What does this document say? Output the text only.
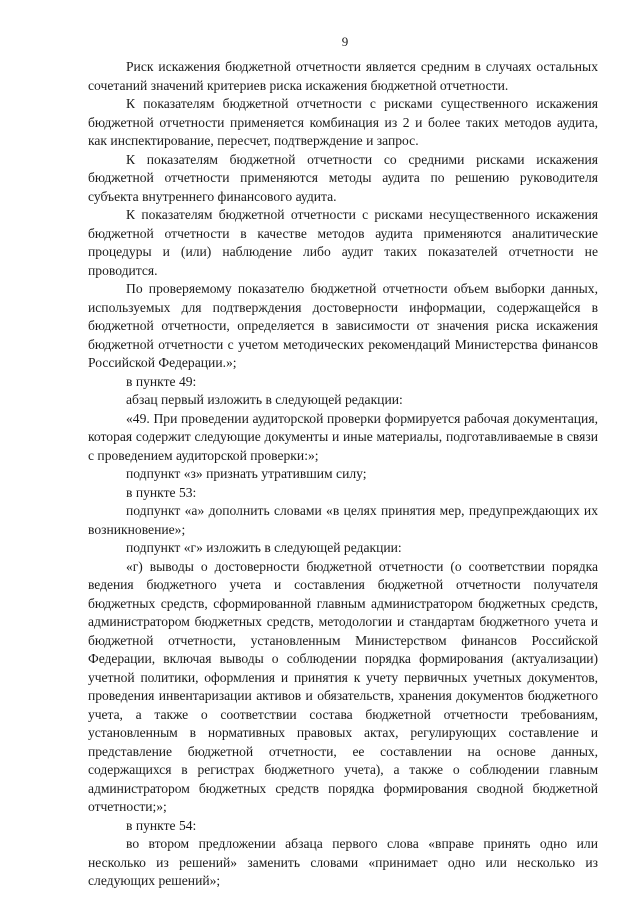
9

Риск искажения бюджетной отчетности является средним в случаях остальных сочетаний значений критериев риска искажения бюджетной отчетности.

К показателям бюджетной отчетности с рисками существенного искажения бюджетной отчетности применяется комбинация из 2 и более таких методов аудита, как инспектирование, пересчет, подтверждение и запрос.

К показателям бюджетной отчетности со средними рисками искажения бюджетной отчетности применяются методы аудита по решению руководителя субъекта внутреннего финансового аудита.

К показателям бюджетной отчетности с рисками несущественного искажения бюджетной отчетности в качестве методов аудита применяются аналитические процедуры и (или) наблюдение либо аудит таких показателей отчетности не проводится.

По проверяемому показателю бюджетной отчетности объем выборки данных, используемых для подтверждения достоверности информации, содержащейся в бюджетной отчетности, определяется в зависимости от значения риска искажения бюджетной отчетности с учетом методических рекомендаций Министерства финансов Российской Федерации.»;

в пункте 49:

абзац первый изложить в следующей редакции:

«49. При проведении аудиторской проверки формируется рабочая документация, которая содержит следующие документы и иные материалы, подготавливаемые в связи с проведением аудиторской проверки:»;

подпункт «з» признать утратившим силу;

в пункте 53:

подпункт «а» дополнить словами «в целях принятия мер, предупреждающих их возникновение»;

подпункт «г» изложить в следующей редакции:

«г) выводы о достоверности бюджетной отчетности (о соответствии порядка ведения бюджетного учета и составления бюджетной отчетности получателя бюджетных средств, сформированной главным администратором бюджетных средств, администратором бюджетных средств, методологии и стандартам бюджетного учета и бюджетной отчетности, установленным Министерством финансов Российской Федерации, включая выводы о соблюдении порядка формирования (актуализации) учетной политики, оформления и принятия к учету первичных учетных документов, проведения инвентаризации активов и обязательств, хранения документов бюджетного учета, а также о соответствии состава бюджетной отчетности требованиям, установленным в нормативных правовых актах, регулирующих составление и представление бюджетной отчетности, ее составлении на основе данных, содержащихся в регистрах бюджетного учета), а также о соблюдении главным администратором бюджетных средств порядка формирования сводной бюджетной отчетности;»;

в пункте 54:

во втором предложении абзаца первого слова «вправе принять одно или несколько из решений» заменить словами «принимает одно или несколько из следующих решений»;
